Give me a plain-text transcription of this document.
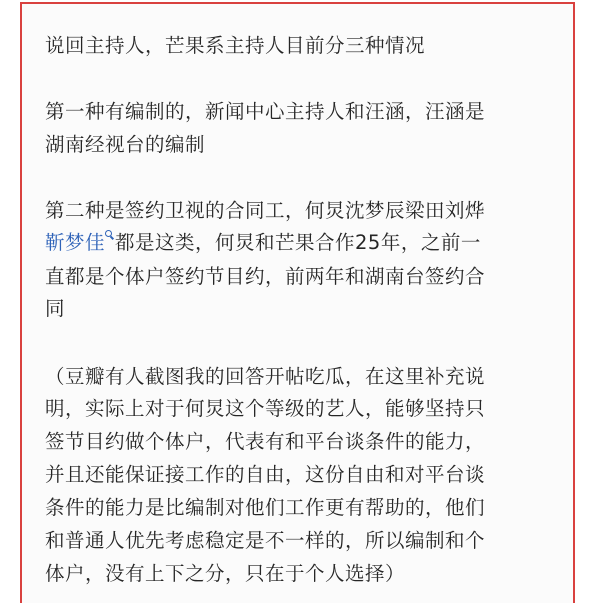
说回主持人，芒果系主持人目前分三种情况
第一种有编制的，新闻中心主持人和汪涵，汪涵是
湖南经视台的编制
第二种是签约卫视的合同工，何炅沈梦辰梁田刘烨
靳梦佳 都是这类，何炅和芒果合作25年，之前一
直都是个体户签约节目约，前两年和湖南台签约合
同
（豆瓣有人截图我的回答开帖吃瓜，在这里补充说
明，实际上对于何炅这个等级的艺人，能够坚持只
签节目约做个体户，代表有和平台谈条件的能力，
并且还能保证接工作的自由，这份自由和对平台谈
条件的能力是比编制对他们工作更有帮助的，他们
和普通人优先考虑稳定是不一样的，所以编制和个
体户，没有上下之分，只在于个人选择）
